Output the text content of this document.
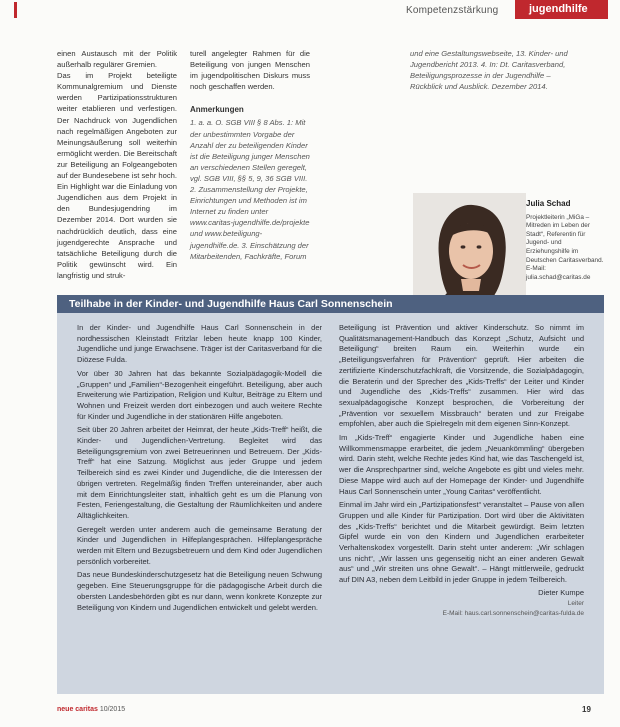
Kompetenzstärkung	jugendhilfe

einen Austausch mit der Politik außerhalb regulärer Gremien.

Das im Projekt beteiligte Kommunalgremium und Dienste werden Partizipationsstrukturen weiter etablieren und verfestigen. Der Nachdruck von Jugendlichen nach regelmäßigen Angeboten zur Meinungsäußerung soll weiterhin ermöglicht werden. Die Bereitschaft zur Beteiligung an Folgeangeboten auf der Bundesebene ist sehr hoch. Ein Highlight war die Einladung von Jugendlichen aus dem Projekt in den Bundesjugendring im Dezember 2014. Dort wurden sie nachdrücklich deutlich, dass eine jugendgerechte Ansprache und tatsächliche Beteiligung durch die Politik gewünscht wird. Ein langfristig und struk-

turell angelegter Rahmen für die Beteiligung von jungen Menschen im jugendpolitischen Diskurs muss noch geschaffen werden.

Anmerkungen

1. a. a. O. SGB VIII § 8 Abs. 1: Mit der unbestimmten Vorgabe der Anzahl der zu beteiligenden Kinder ist die Beteiligung junger Menschen an verschiedenen Stellen geregelt, vgl. SGB VIII, §§ 5, 9, 36 SGB VIII. 2. Zusammenstellung der Projekte, Einrichtungen und Methoden ist im Internet zu finden unter www.caritas-jugendhilfe.de/projekte und www.beteiligung-jugendhilfe.de. 3. Einschätzung der Mitarbeitenden, Fachkräfte, Forum

und eine Gestaltungswebseite, 13. Kinder- und Jugendbericht 2013. 4. In: Dt. Caritasverband, Beteiligungsprozesse in der Jugendhilfe – Rückblick und Ausblick. Dezember 2014.

Julia Schad
Projektleiterin „MiGa – Mitreden im Leben der Stadt“, Referentin für Jugend- und Erziehungshilfe im Deutschen Caritasverband. E-Mail: julia.schad@caritas.de
Teilhabe in der Kinder- und Jugendhilfe Haus Carl Sonnenschein

In der Kinder- und Jugendhilfe Haus Carl Sonnenschein in der nordhessischen Kleinstadt Fritzlar leben heute knapp 100 Kinder, Jugendliche und junge Erwachsene. Träger ist der Caritasverband für die Diözese Fulda.

Vor über 30 Jahren hat das bekannte Sozialpädagogik-Modell die „Gruppen“ und „Familien“-Bezogenheit eingeführt. Beteiligung, aber auch Erweiterung wie Partizipation, Religion und Kultur, Beiträge zu Eltern und Wohnen und Freizeit werden dort einbezogen und auch weitere Rechte für Kinder und Jugendliche in der stationären Hilfe angeboten.

Seit über 20 Jahren arbeitet der Heimrat, der heute „Kids-Treff“ heißt, die Kinder- und Jugendlichen-Vertretung. Begleitet wird das Beteiligungsgremium von zwei Betreuerinnen und Betreuern. Der „Kids-Treff“ hat eine Satzung. Möglichst aus jeder Gruppe und jedem Teilbereich sind es zwei Kinder und Jugendliche, die die Interessen der übrigen vertreten. Regelmäßig finden Treffen untereinander, aber auch mit dem Einrichtungsleiter statt, inhaltlich geht es um die Planung von Festen, Feriengestaltung, die Gestaltung der Räumlichkeiten und andere Alltäglichkeiten.

Geregelt werden unter anderem auch die gemeinsame Beratung der Kinder und Jugendlichen in Hilfeplangesprächen. Hilfeplangespräche werden mit Eltern und Bezugsbetreuern und dem Kind oder Jugendlichen persönlich vorbereitet.

Das neue Bundeskinderschutzgesetz hat die Beteiligung neuen Schwung gegeben. Eine Steuerungsgruppe für die pädagogische Arbeit durch die obersten Landesbehörden gibt es nur dann, wenn konkrete Konzepte zur Beteiligung von Kindern und Jugendlichen entwickelt und gelebt werden.

Beteiligung ist Prävention und aktiver Kinderschutz. So nimmt im Qualitätsmanagement-Handbuch das Konzept „Schutz, Aufsicht und Beteiligung“ breiten Raum ein. Weiterhin wurde ein „Beteiligungsverfahren für Prävention“ geprüft. Hier arbeiten die zertifizierte Kinderschutzfachkraft, die Vorsitzende, die Sozialpädagogin, die Beraterin und der Sprecher des „Kids-Treffs“ der Leiter und Kinder und Jugendliche des „Kids-Treffs“ zusammen. Hier wird das sexualpädagogische Konzept besprochen, die Vorbereitung der „Prävention vor sexuellem Missbrauch“ beraten und zur Freigabe empfohlen, aber auch die Spielregeln mit dem eigenen Sinn-Konzept.

Im „Kids-Treff“ engagierte Kinder und Jugendliche haben eine Willkommensmappe erarbeitet, die jedem „Neuankömmling“ übergeben wird. Darin steht, welche Rechte jedes Kind hat, wie das Taschengeld ist, wer die Ansprechpartner sind, welche Angebote es gibt und vieles mehr. Diese Mappe wird auch auf der Homepage der Kinder- und Jugendhilfe Haus Carl Sonnenschein unter „Young Caritas“ veröffentlicht.

Einmal im Jahr wird ein „Partizipationsfest“ veranstaltet – Pause von allen Gruppen und alle Kinder für Partizipation. Dort wird über die Aktivitäten des „Kids-Treffs“ berichtet und die Mitarbeit gewürdigt. Beim letzten Gipfel wurde ein von den Kindern und Jugendlichen erarbeiteter Verhaltenskodex vorgestellt. Darin steht unter anderem: „Wir schlagen uns nicht“, „Wir lassen uns gegenseitig nicht an einer anderen Gewalt aus“ und „Wir streiten uns ohne Gewalt“. – Hängt mittlerweile, gedruckt auf DIN A3, neben dem Leitbild in jeder Gruppe in jedem Teilbereich.

Dieter Kumpe
Leiter
E-Mail: haus.carl.sonnenschein@caritas-fulda.de
neue caritas 10/2015	19
